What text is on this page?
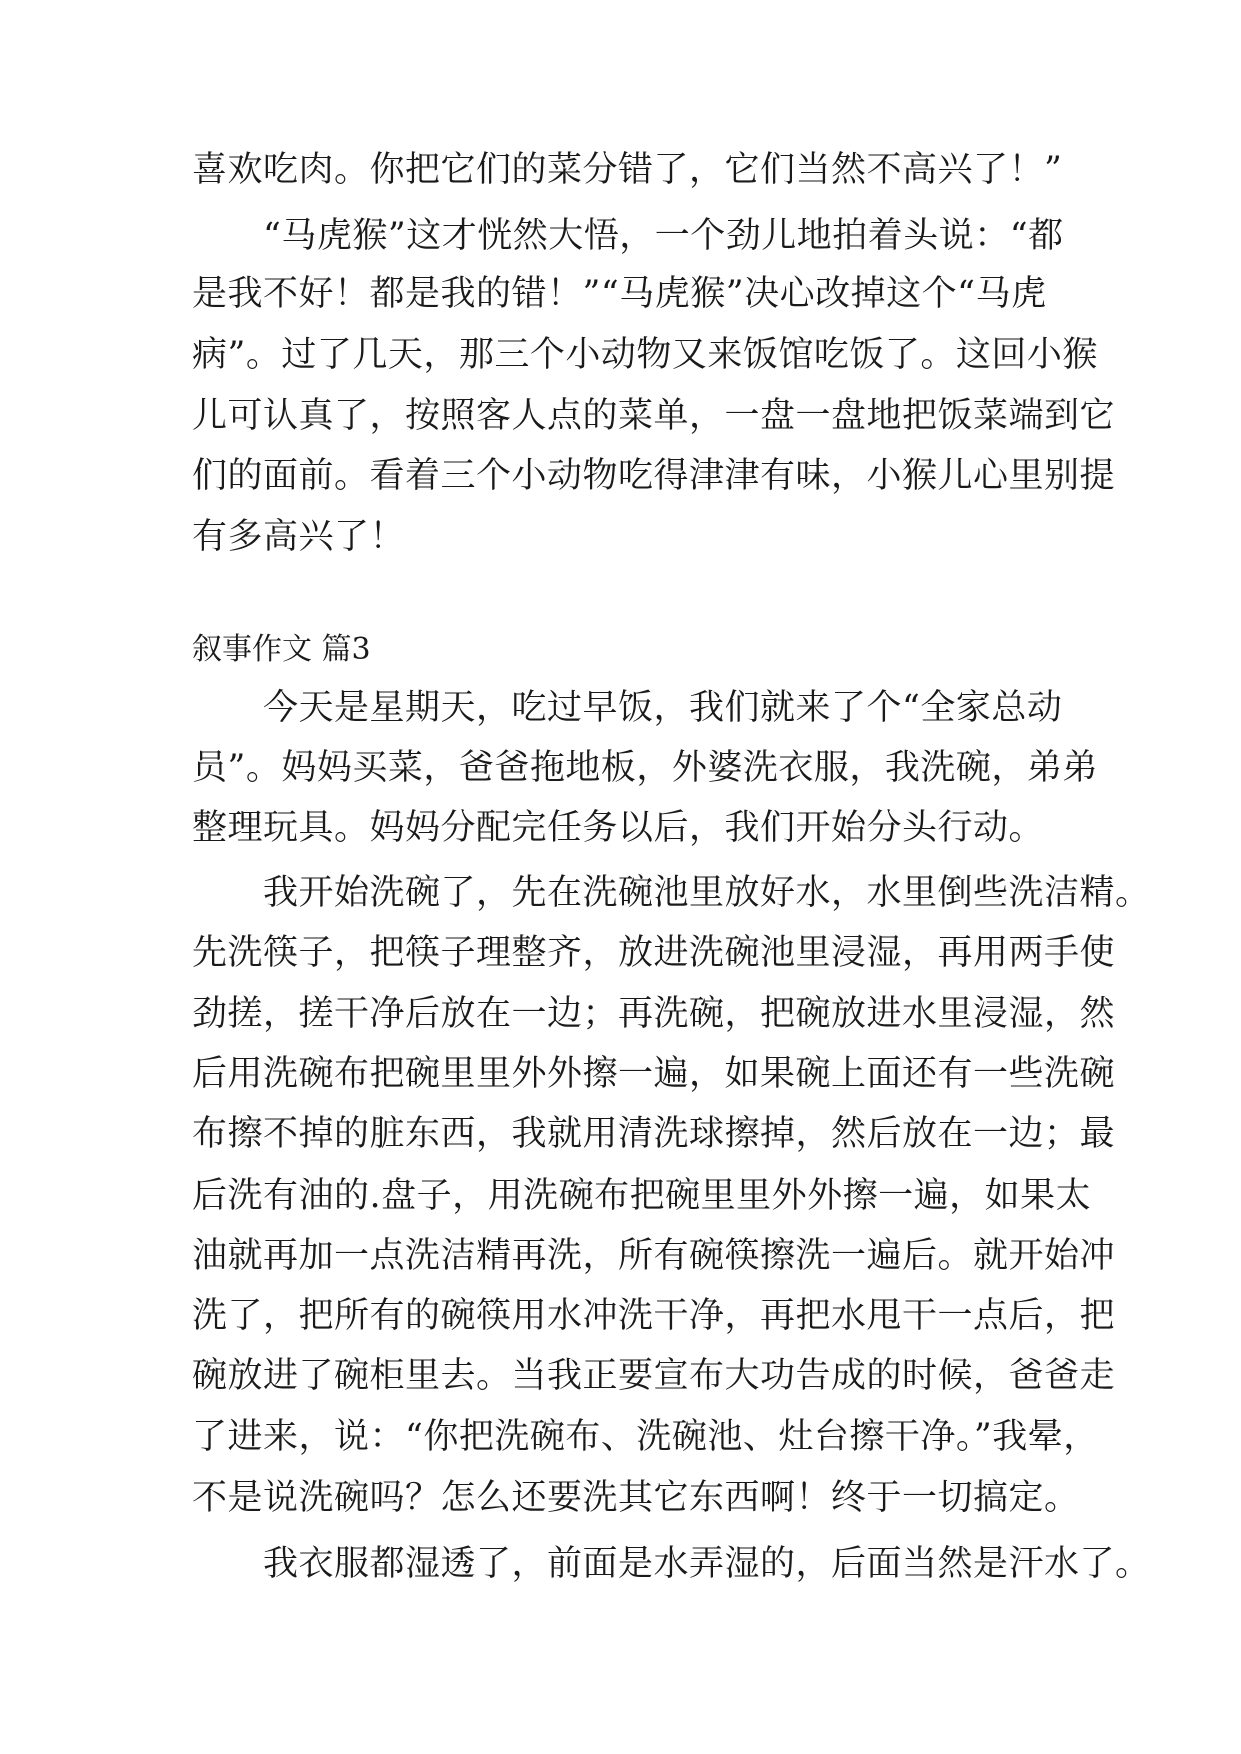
喜欢吃肉。你把它们的菜分错了，它们当然不高兴了！”
　　“马虎猴”这才恍然大悟，一个劲儿地拍着头说：“都
是我不好！都是我的错！”“马虎猴”决心改掉这个“马虎
病”。过了几天，那三个小动物又来饭馆吃饭了。这回小猴
儿可认真了，按照客人点的菜单，一盘一盘地把饭菜端到它
们的面前。看着三个小动物吃得津津有味，小猴儿心里别提
有多高兴了！
叙事作文 篇3
　　今天是星期天，吃过早饭，我们就来了个“全家总动
员”。妈妈买菜，爸爸拖地板，外婆洗衣服，我洗碗，弟弟
整理玩具。妈妈分配完任务以后，我们开始分头行动。
　　我开始洗碗了，先在洗碗池里放好水，水里倒些洗洁精。
先洗筷子，把筷子理整齐，放进洗碗池里浸湿，再用两手使
劲搓，搓干净后放在一边；再洗碗，把碗放进水里浸湿，然
后用洗碗布把碗里里外外擦一遍，如果碗上面还有一些洗碗
布擦不掉的脏东西，我就用清洗球擦掉，然后放在一边；最
后洗有油的.盘子，用洗碗布把碗里里外外擦一遍，如果太
油就再加一点洗洁精再洗，所有碗筷擦洗一遍后。就开始冲
洗了，把所有的碗筷用水冲洗干净，再把水甩干一点后，把
碗放进了碗柜里去。当我正要宣布大功告成的时候，爸爸走
了进来，说：“你把洗碗布、洗碗池、灶台擦干净。”我晕，
不是说洗碗吗？怎么还要洗其它东西啊！终于一切搞定。
　　我衣服都湿透了，前面是水弄湿的，后面当然是汗水了。
